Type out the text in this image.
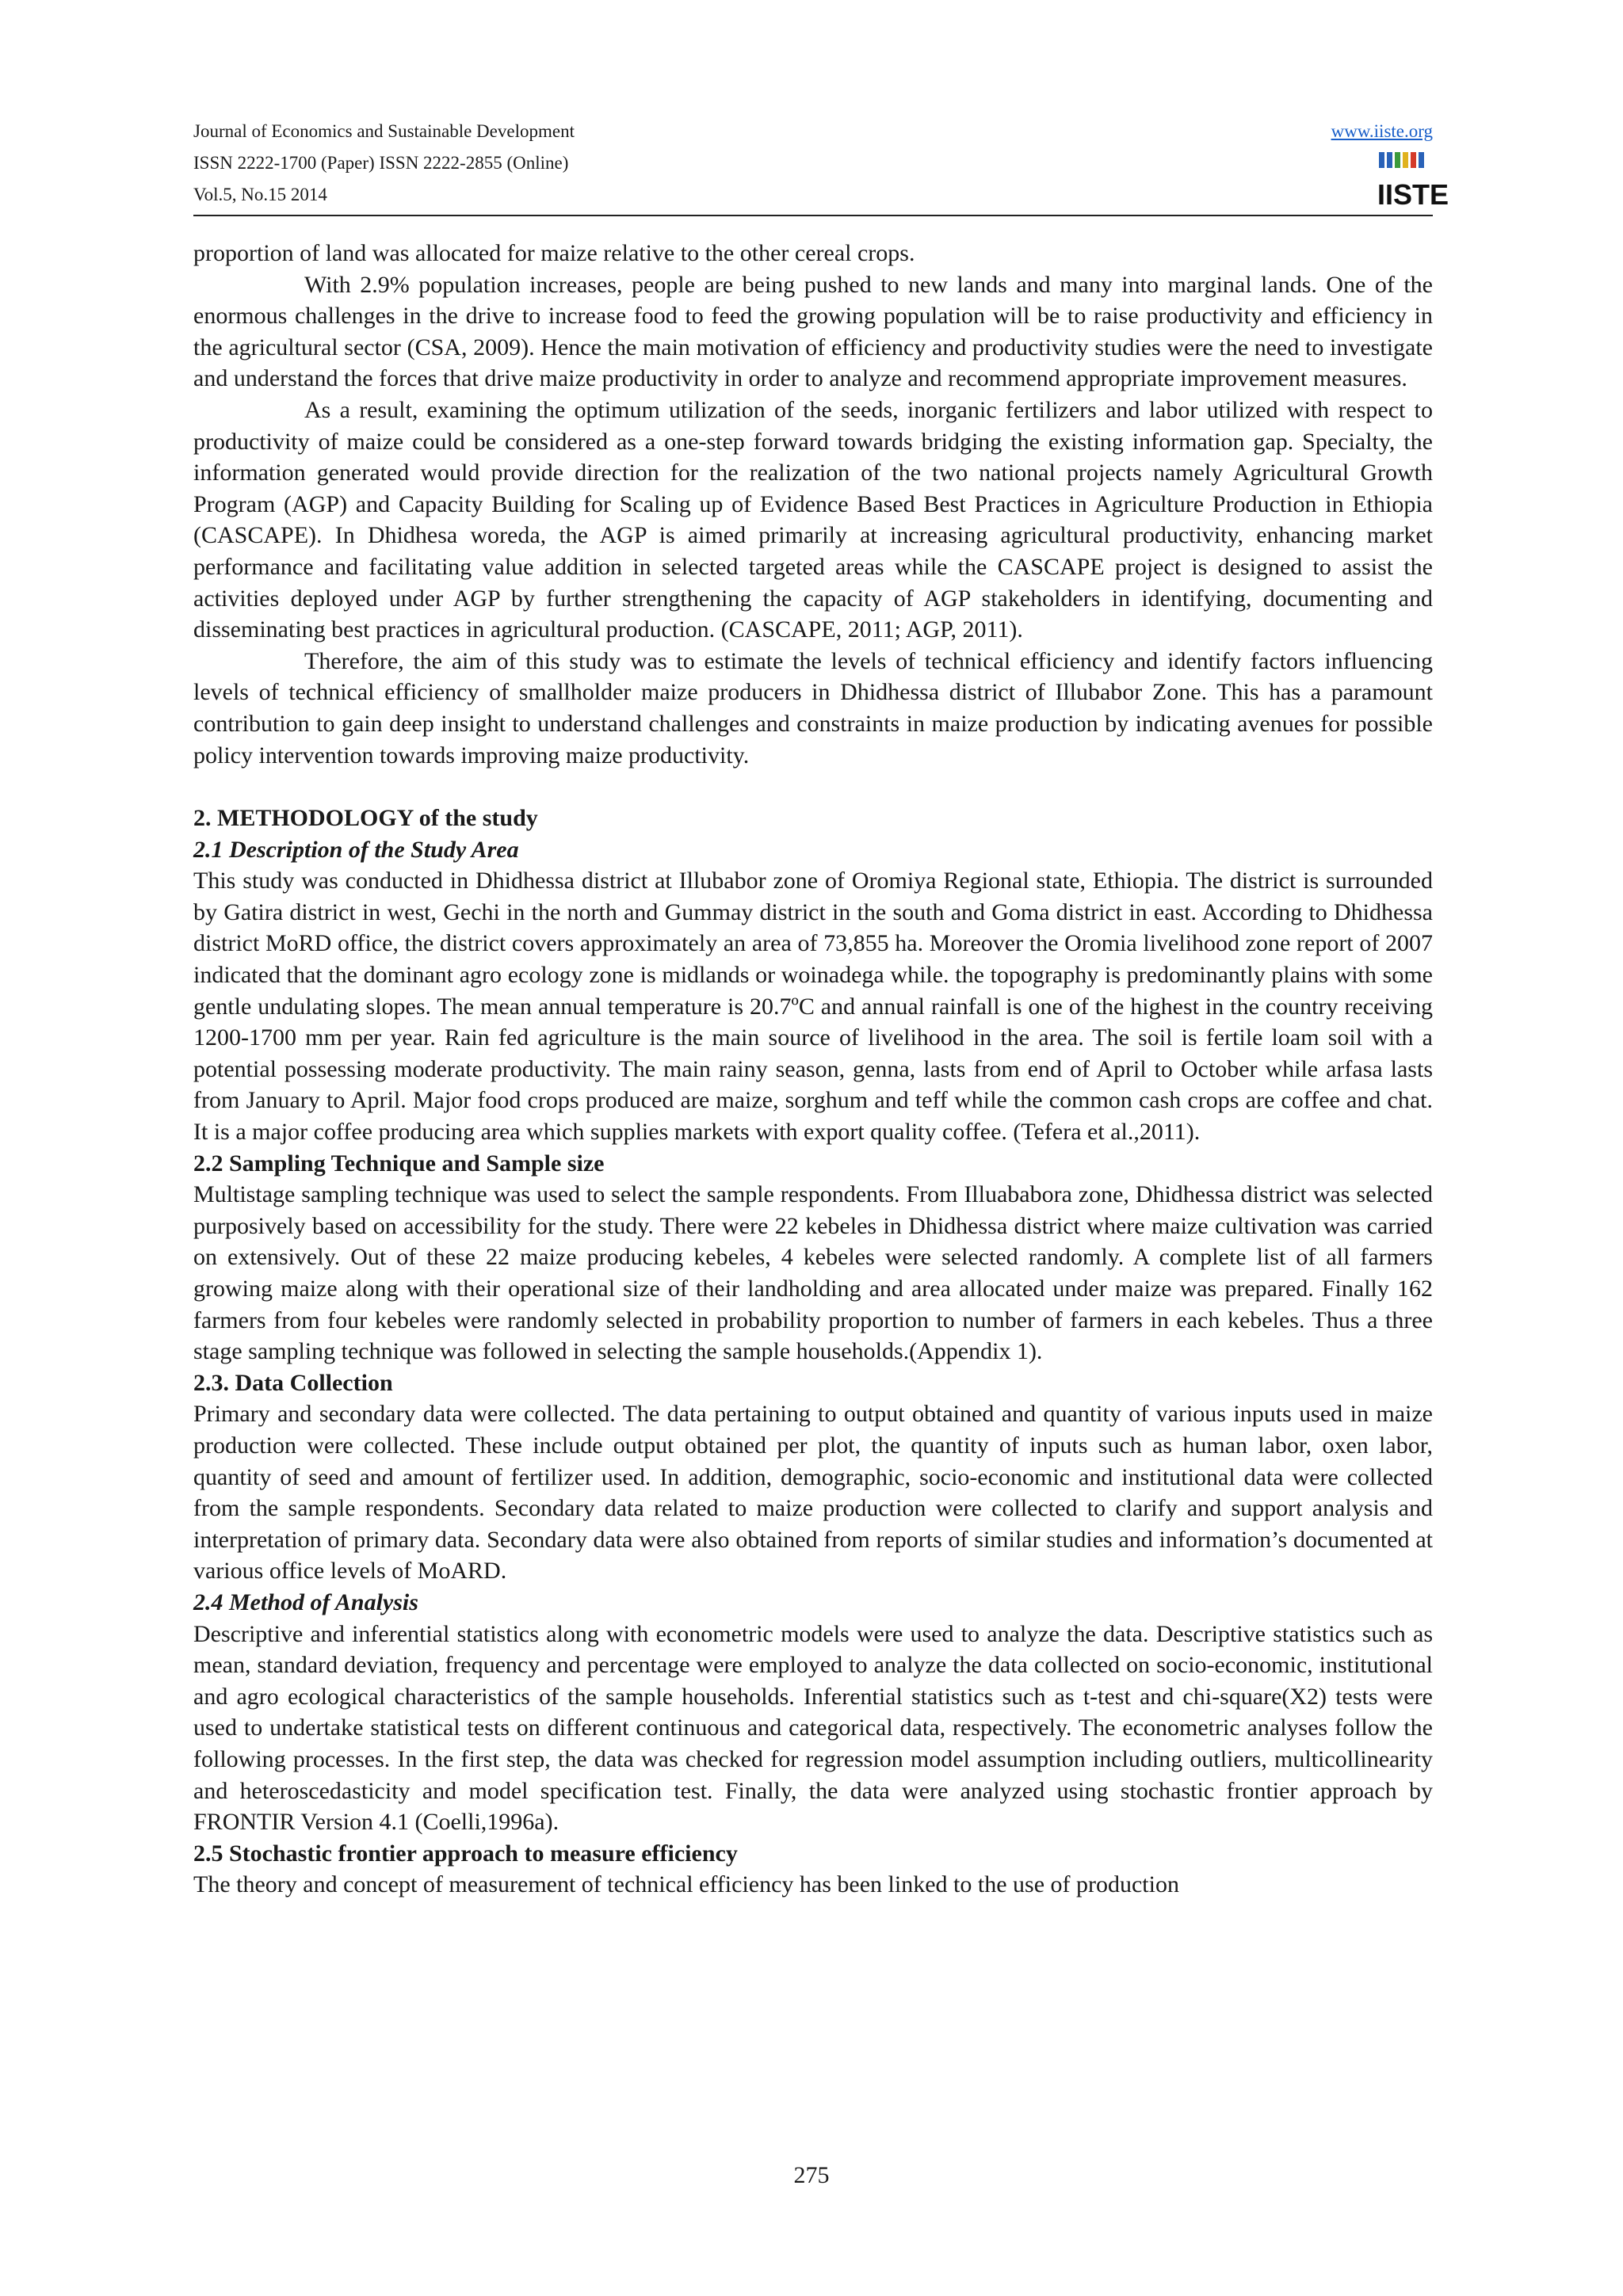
Journal of Economics and Sustainable Development
ISSN 2222-1700 (Paper) ISSN 2222-2855 (Online)
Vol.5, No.15 2014
www.iiste.org
IISTE

proportion of land was allocated for maize relative to the other cereal crops.

With 2.9% population increases, people are being pushed to new lands and many into marginal lands. One of the enormous challenges in the drive to increase food to feed the growing population will be to raise productivity and efficiency in the agricultural sector (CSA, 2009). Hence the main motivation of efficiency and productivity studies were the need to investigate and understand the forces that drive maize productivity in order to analyze and recommend appropriate improvement measures.

As a result, examining the optimum utilization of the seeds, inorganic fertilizers and labor utilized with respect to productivity of maize could be considered as a one-step forward towards bridging the existing information gap. Specialty, the information generated would provide direction for the realization of the two national projects namely Agricultural Growth Program (AGP) and Capacity Building for Scaling up of Evidence Based Best Practices in Agriculture Production in Ethiopia (CASCAPE). In Dhidhesa woreda, the AGP is aimed primarily at increasing agricultural productivity, enhancing market performance and facilitating value addition in selected targeted areas while the CASCAPE project is designed to assist the activities deployed under AGP by further strengthening the capacity of AGP stakeholders in identifying, documenting and disseminating best practices in agricultural production. (CASCAPE, 2011; AGP, 2011).

Therefore, the aim of this study was to estimate the levels of technical efficiency and identify factors influencing levels of technical efficiency of smallholder maize producers in Dhidhessa district of Illubabor Zone. This has a paramount contribution to gain deep insight to understand challenges and constraints in maize production by indicating avenues for possible policy intervention towards improving maize productivity.

2. METHODOLOGY of the study
2.1 Description of the Study Area

This study was conducted in Dhidhessa district at Illubabor zone of Oromiya Regional state, Ethiopia. The district is surrounded by Gatira district in west, Gechi in the north and Gummay district in the south and Goma district in east. According to Dhidhessa district MoRD office, the district covers approximately an area of 73,855 ha. Moreover the Oromia livelihood zone report of 2007 indicated that the dominant agro ecology zone is midlands or woinadega while. the topography is predominantly plains with some gentle undulating slopes. The mean annual temperature is 20.7ºC and annual rainfall is one of the highest in the country receiving 1200-1700 mm per year. Rain fed agriculture is the main source of livelihood in the area. The soil is fertile loam soil with a potential possessing moderate productivity. The main rainy season, genna, lasts from end of April to October while arfasa lasts from January to April. Major food crops produced are maize, sorghum and teff while the common cash crops are coffee and chat. It is a major coffee producing area which supplies markets with export quality coffee. (Tefera et al.,2011).

2.2 Sampling Technique and Sample size

Multistage sampling technique was used to select the sample respondents. From Illuababora zone, Dhidhessa district was selected purposively based on accessibility for the study. There were 22 kebeles in Dhidhessa district where maize cultivation was carried on extensively. Out of these 22 maize producing kebeles, 4 kebeles were selected randomly. A complete list of all farmers growing maize along with their operational size of their landholding and area allocated under maize was prepared. Finally 162 farmers from four kebeles were randomly selected in probability proportion to number of farmers in each kebeles. Thus a three stage sampling technique was followed in selecting the sample households.(Appendix 1).

2.3. Data Collection

Primary and secondary data were collected. The data pertaining to output obtained and quantity of various inputs used in maize production were collected. These include output obtained per plot, the quantity of inputs such as human labor, oxen labor, quantity of seed and amount of fertilizer used. In addition, demographic, socio-economic and institutional data were collected from the sample respondents. Secondary data related to maize production were collected to clarify and support analysis and interpretation of primary data. Secondary data were also obtained from reports of similar studies and information’s documented at various office levels of MoARD.

2.4 Method of Analysis

Descriptive and inferential statistics along with econometric models were used to analyze the data. Descriptive statistics such as mean, standard deviation, frequency and percentage were employed to analyze the data collected on socio-economic, institutional and agro ecological characteristics of the sample households. Inferential statistics such as t-test and chi-square(X2) tests were used to undertake statistical tests on different continuous and categorical data, respectively. The econometric analyses follow the following processes. In the first step, the data was checked for regression model assumption including outliers, multicollinearity and heteroscedasticity and model specification test. Finally, the data were analyzed using stochastic frontier approach by FRONTIR Version 4.1 (Coelli,1996a).

2.5 Stochastic frontier approach to measure efficiency

The theory and concept of measurement of technical efficiency has been linked to the use of production

275
